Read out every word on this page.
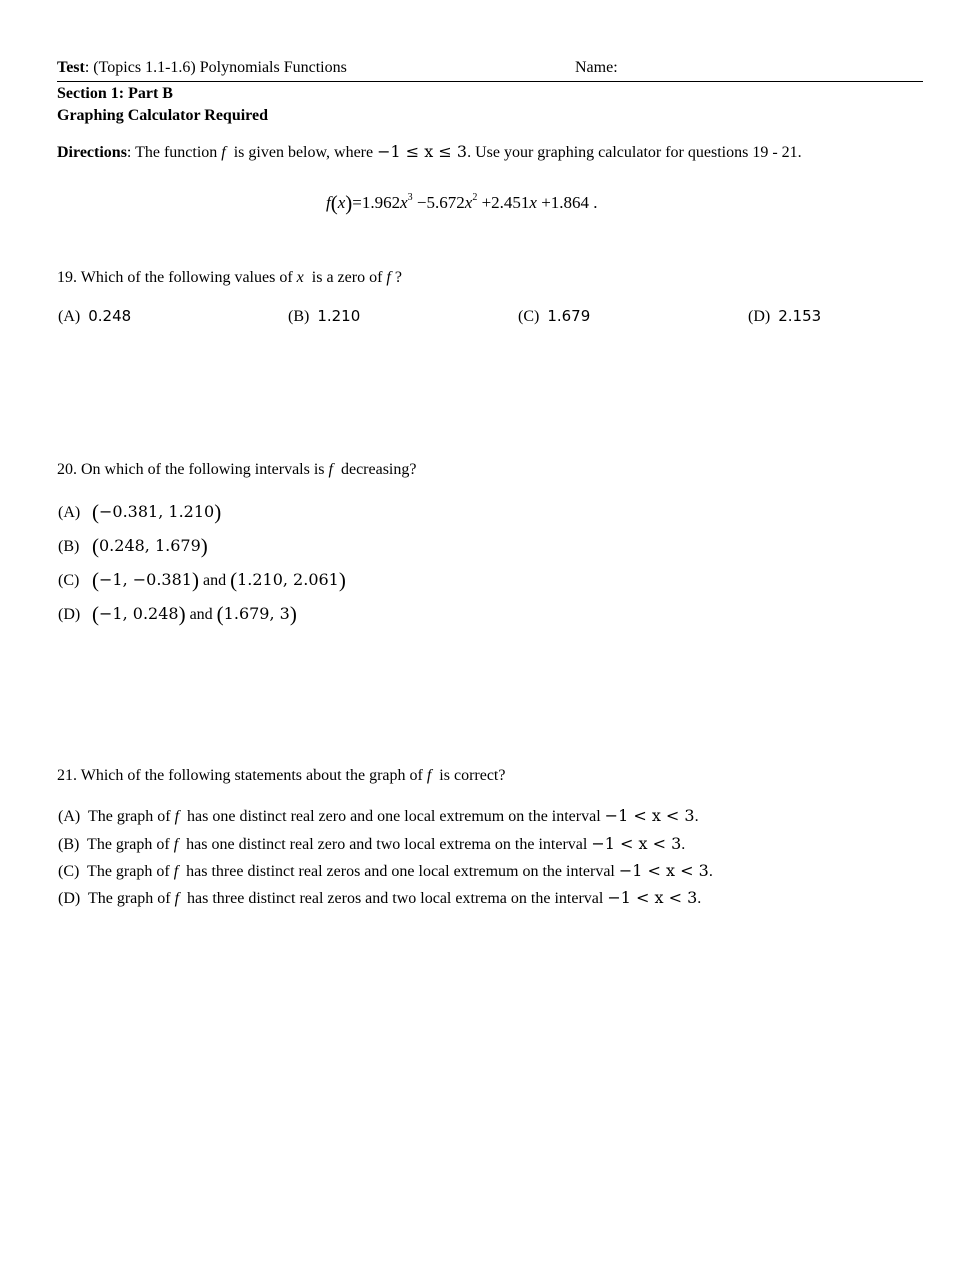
Test: (Topics 1.1-1.6) Polynomials Functions	Name:
Section 1: Part B
Graphing Calculator Required
Directions: The function f  is given below, where −1 ≤ x ≤ 3. Use your graphing calculator for questions 19 - 21.
$f(x)=1.962x^3 -5.672x^2 +2.451x +1.864$ .
19. Which of the following values of x  is a zero of f ?
(A) 0.248	(B) 1.210	(C) 1.679	(D) 2.153
20. On which of the following intervals is f  decreasing?
(A) (−0.381, 1.210)
(B) (0.248, 1.679)
(C) (−1, −0.381) and (1.210, 2.061)
(D) (−1, 0.248) and (1.679, 3)
21. Which of the following statements about the graph of f  is correct?
(A) The graph of f  has one distinct real zero and one local extremum on the interval −1 < x < 3.
(B) The graph of f  has one distinct real zero and two local extrema on the interval −1 < x < 3.
(C) The graph of f  has three distinct real zeros and one local extremum on the interval −1 < x < 3.
(D) The graph of f  has three distinct real zeros and two local extrema on the interval −1 < x < 3.
